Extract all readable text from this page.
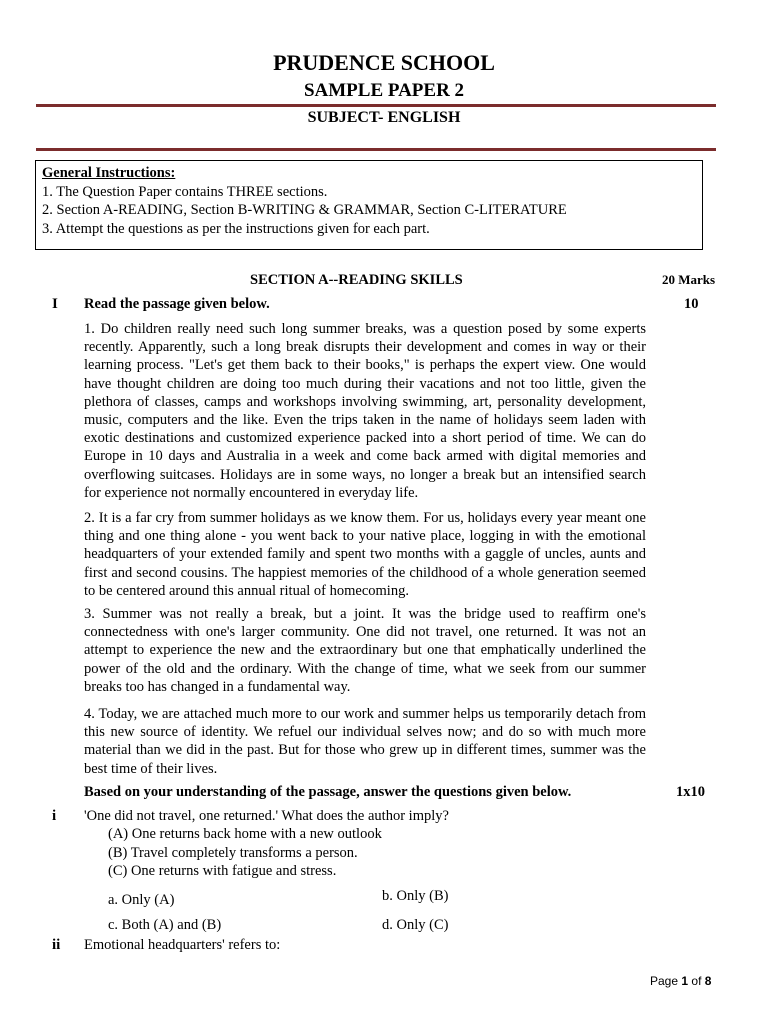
PRUDENCE SCHOOL
SAMPLE PAPER 2
SUBJECT- ENGLISH
General Instructions:
1. The Question Paper contains THREE sections.
2. Section A-READING, Section B-WRITING & GRAMMAR, Section C-LITERATURE
3. Attempt the questions as per the instructions given for each part.
SECTION A--READING SKILLS	20 Marks
I Read the passage given below.	10
1. Do children really need such long summer breaks, was a question posed by some experts recently. Apparently, such a long break disrupts their development and comes in way or their learning process. "Let's get them back to their books," is perhaps the expert view. One would have thought children are doing too much during their vacations and not too little, given the plethora of classes, camps and workshops involving swimming, art, personality development, music, computers and the like. Even the trips taken in the name of holidays seem laden with exotic destinations and customized experience packed into a short period of time. We can do Europe in 10 days and Australia in a week and come back armed with digital memories and overflowing suitcases. Holidays are in some ways, no longer a break but an intensified search for experience not normally encountered in everyday life.
2. It is a far cry from summer holidays as we know them. For us, holidays every year meant one thing and one thing alone - you went back to your native place, logging in with the emotional headquarters of your extended family and spent two months with a gaggle of uncles, aunts and first and second cousins. The happiest memories of the childhood of a whole generation seemed to be centered around this annual ritual of homecoming.
3. Summer was not really a break, but a joint. It was the bridge used to reaffirm one's connectedness with one's larger community. One did not travel, one returned. It was not an attempt to experience the new and the extraordinary but one that emphatically underlined the power of the old and the ordinary. With the change of time, what we seek from our summer breaks too has changed in a fundamental way.
4. Today, we are attached much more to our work and summer helps us temporarily detach from this new source of identity. We refuel our individual selves now; and do so with much more material than we did in the past. But for those who grew up in different times, summer was the best time of their lives.
Based on your understanding of the passage, answer the questions given below.	1x10
i 'One did not travel, one returned.' What does the author imply?
(A) One returns back home with a new outlook
(B) Travel completely transforms a person.
(C) One returns with fatigue and stress.
a. Only (A)	b. Only (B)
c. Both (A) and (B)	d. Only (C)
ii Emotional headquarters' refers to:
Page 1 of 8
